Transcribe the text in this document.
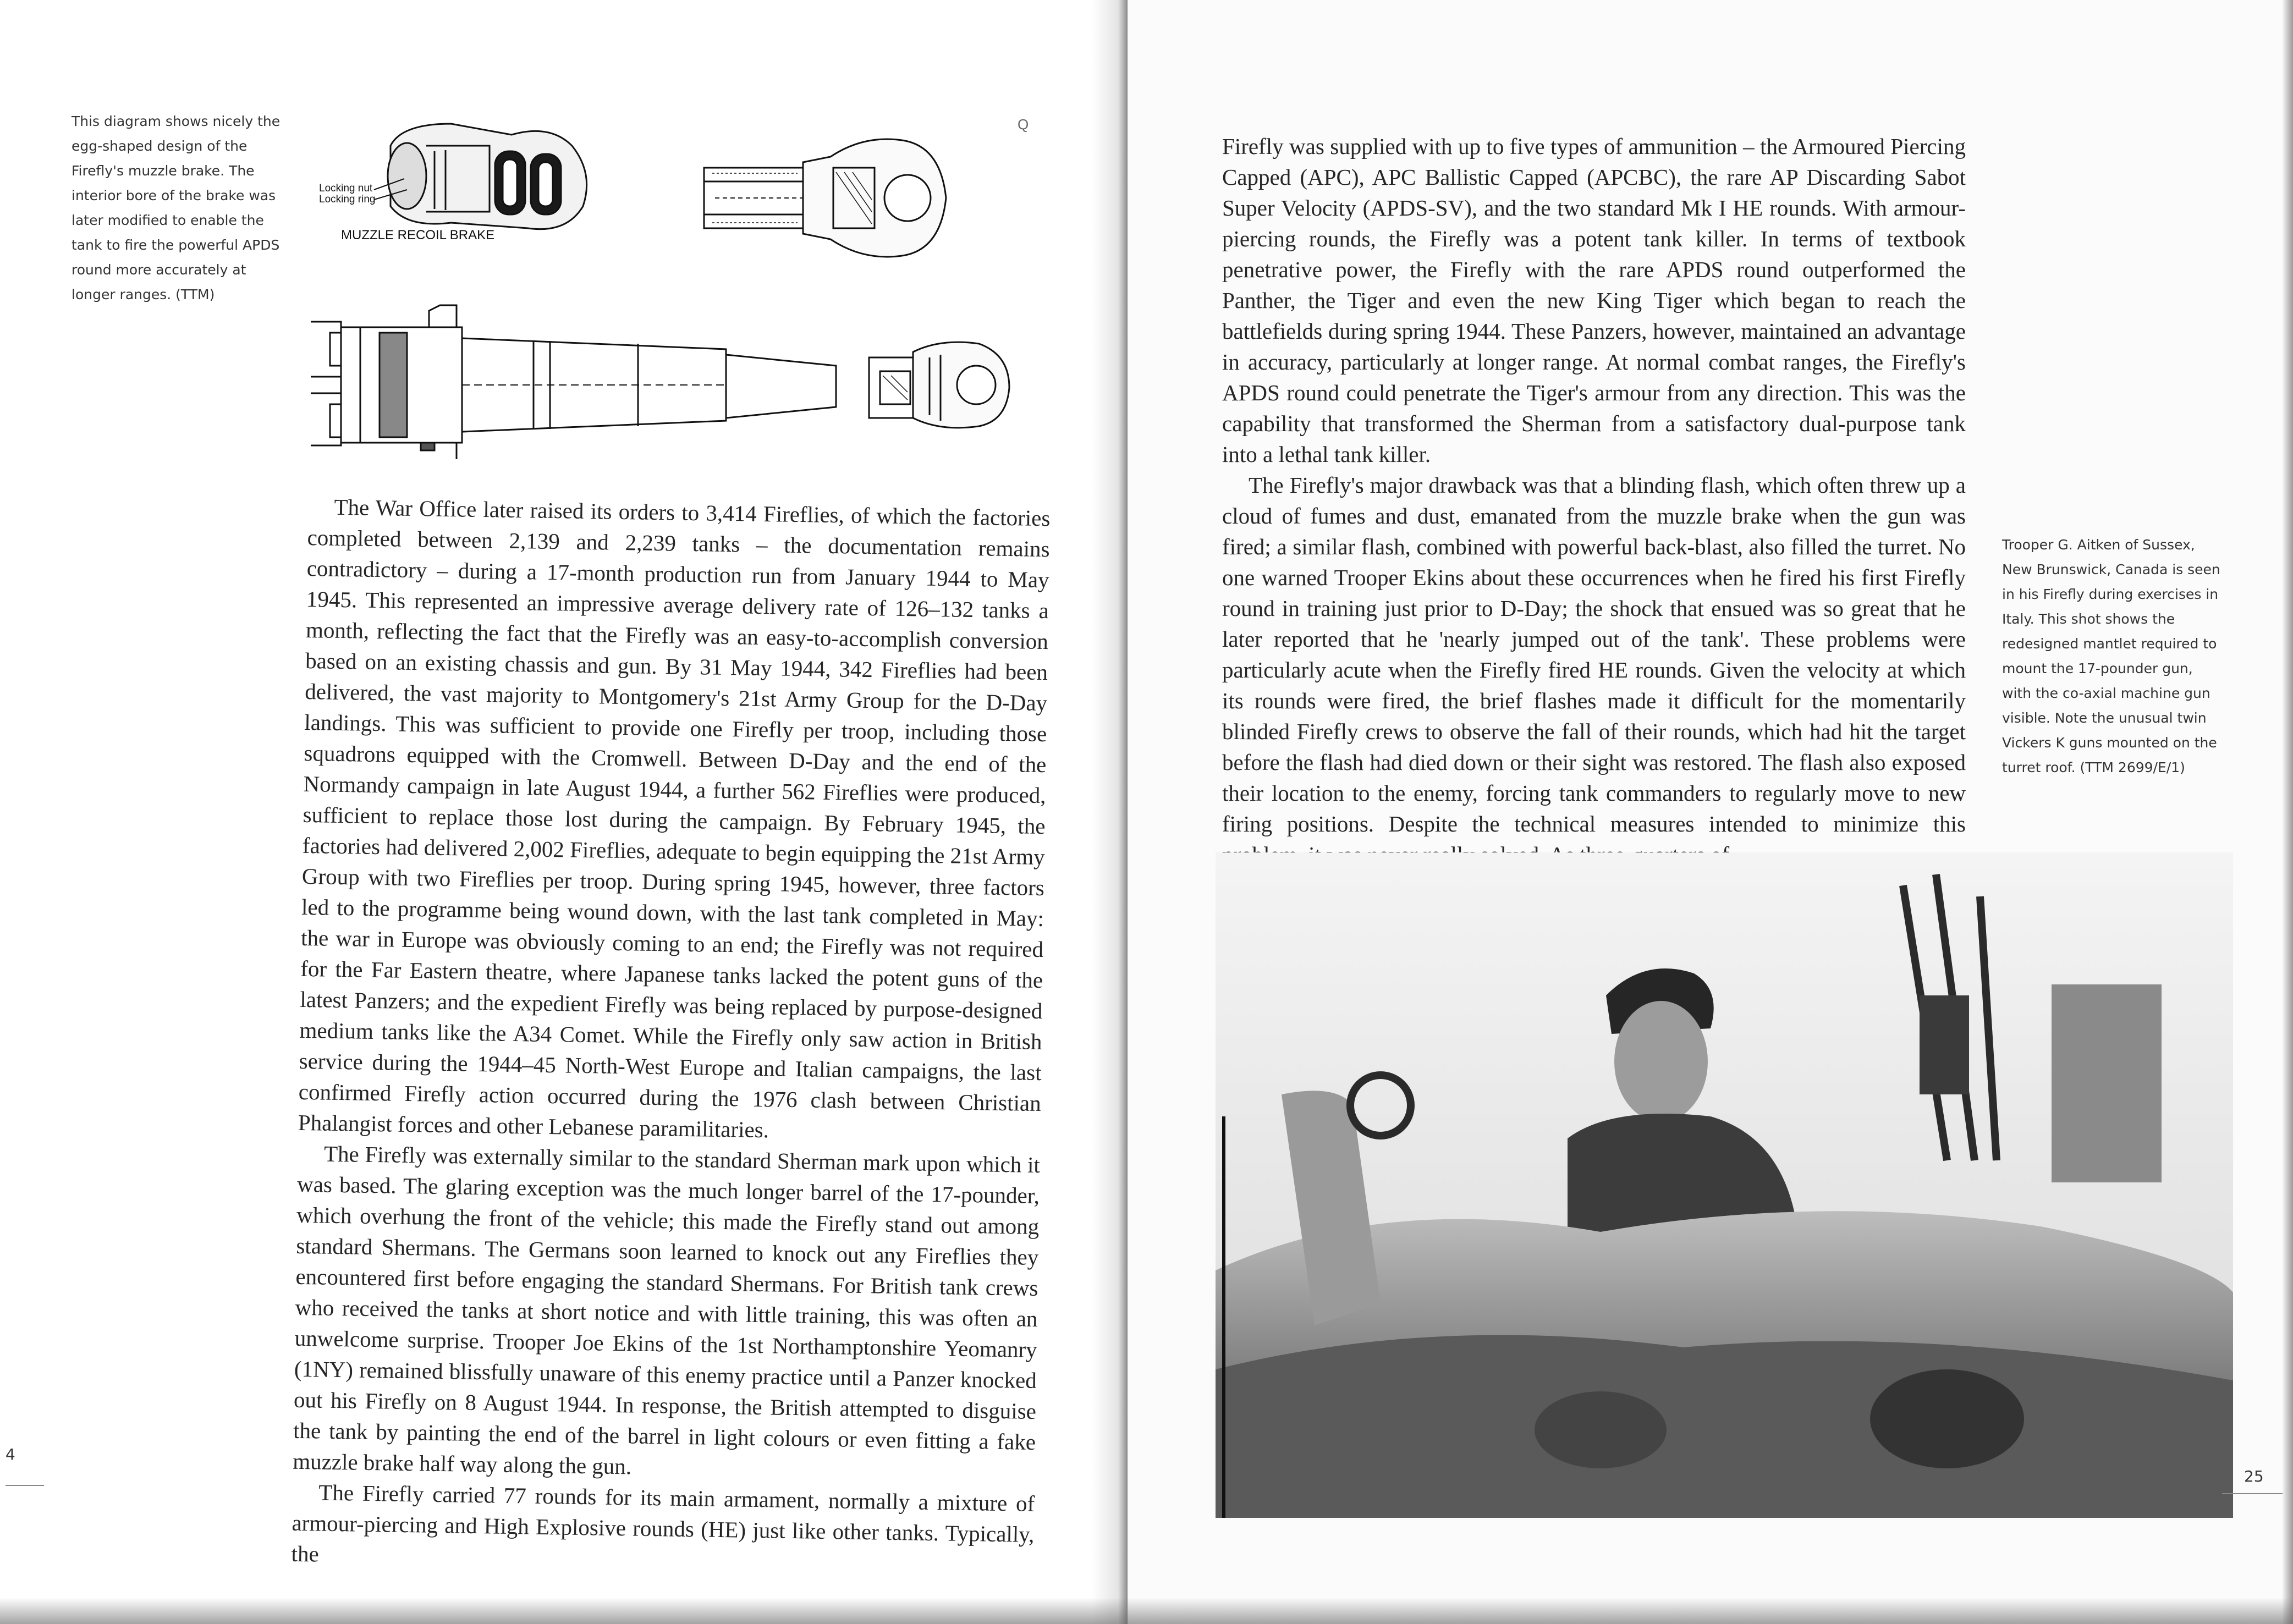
This diagram shows nicely the egg-shaped design of the Firefly's muzzle brake. The interior bore of the brake was later modified to enable the tank to fire the powerful APDS round more accurately at longer ranges. (TTM)
Locking nut
Locking ring
MUZZLE RECOIL BRAKE
Q

The War Office later raised its orders to 3,414 Fireflies, of which the factories completed between 2,139 and 2,239 tanks – the documentation remains contradictory – during a 17-month production run from January 1944 to May 1945. This represented an impressive average delivery rate of 126–132 tanks a month, reflecting the fact that the Firefly was an easy-to-accomplish conversion based on an existing chassis and gun. By 31 May 1944, 342 Fireflies had been delivered, the vast majority to Montgomery's 21st Army Group for the D-Day landings. This was sufficient to provide one Firefly per troop, including those squadrons equipped with the Cromwell. Between D-Day and the end of the Normandy campaign in late August 1944, a further 562 Fireflies were produced, sufficient to replace those lost during the campaign. By February 1945, the factories had delivered 2,002 Fireflies, adequate to begin equipping the 21st Army Group with two Fireflies per troop. During spring 1945, however, three factors led to the programme being wound down, with the last tank completed in May: the war in Europe was obviously coming to an end; the Firefly was not required for the Far Eastern theatre, where Japanese tanks lacked the potent guns of the latest Panzers; and the expedient Firefly was being replaced by purpose-designed medium tanks like the A34 Comet. While the Firefly only saw action in British service during the 1944–45 North-West Europe and Italian campaigns, the last confirmed Firefly action occurred during the 1976 clash between Christian Phalangist forces and other Lebanese paramilitaries.

The Firefly was externally similar to the standard Sherman mark upon which it was based. The glaring exception was the much longer barrel of the 17-pounder, which overhung the front of the vehicle; this made the Firefly stand out among standard Shermans. The Germans soon learned to knock out any Fireflies they encountered first before engaging the standard Shermans. For British tank crews who received the tanks at short notice and with little training, this was often an unwelcome surprise. Trooper Joe Ekins of the 1st Northamptonshire Yeomanry (1NY) remained blissfully unaware of this enemy practice until a Panzer knocked out his Firefly on 8 August 1944. In response, the British attempted to disguise the tank by painting the end of the barrel in light colours or even fitting a fake muzzle brake half way along the gun.

The Firefly carried 77 rounds for its main armament, normally a mixture of armour-piercing and High Explosive rounds (HE) just like other tanks. Typically, the

4

Firefly was supplied with up to five types of ammunition – the Armoured Piercing Capped (APC), APC Ballistic Capped (APCBC), the rare AP Discarding Sabot Super Velocity (APDS-SV), and the two standard Mk I HE rounds. With armour-piercing rounds, the Firefly was a potent tank killer. In terms of textbook penetrative power, the Firefly with the rare APDS round outperformed the Panther, the Tiger and even the new King Tiger which began to reach the battlefields during spring 1944. These Panzers, however, maintained an advantage in accuracy, particularly at longer range. At normal combat ranges, the Firefly's APDS round could penetrate the Tiger's armour from any direction. This was the capability that transformed the Sherman from a satisfactory dual-purpose tank into a lethal tank killer.

The Firefly's major drawback was that a blinding flash, which often threw up a cloud of fumes and dust, emanated from the muzzle brake when the gun was fired; a similar flash, combined with powerful back-blast, also filled the turret. No one warned Trooper Ekins about these occurrences when he fired his first Firefly round in training just prior to D-Day; the shock that ensued was so great that he later reported that he 'nearly jumped out of the tank'. These problems were particularly acute when the Firefly fired HE rounds. Given the velocity at which its rounds were fired, the brief flashes made it difficult for the momentarily blinded Firefly crews to observe the fall of their rounds, which had hit the target before the flash had died down or their sight was restored. The flash also exposed their location to the enemy, forcing tank commanders to regularly move to new firing positions. Despite the technical measures intended to minimize this

Trooper G. Aitken of Sussex, New Brunswick, Canada is seen in his Firefly during exercises in Italy. This shot shows the redesigned mantlet required to mount the 17-pounder gun, with the co-axial machine gun visible. Note the unusual twin Vickers K guns mounted on the turret roof. (TTM 2699/E/1)
25
